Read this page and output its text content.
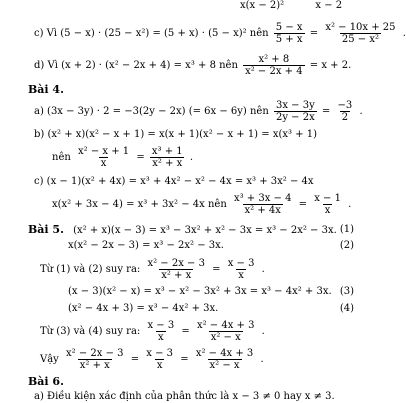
x(x − 2)²	x − 2
c) Vì (5 − x) · (25 − x²) = (5 + x) · (5 − x)² nên $\frac{5 - x}{5 + x} = \frac{\text{x² − 10x + 25}}{\text{25 − x²}}$ .
d) Vì (x + 2) · (x² − 2x + 4) = x³ + 8 nên $\frac{\text{x² + 8}}{\text{x² − 2x + 4}} = x + 2$.
Bài 4.
a) (3x − 3y) · 2 = −3(2y − 2x) (= 6x − 6y) nên $\frac{3x - 3y}{2y - 2x} = \frac{-3}{2}$ .
b) (x² + x)(x² − x + 1) = x(x + 1)(x² − x + 1) = x(x³ + 1)
nên $\frac{\text{x² − x + 1}}{x} = \frac{\text{x³ + 1}}{\text{x² + x}}$ .
c) (x − 1)(x² + 4x) = x³ + 4x² − x² − 4x = x³ + 3x² − 4x
x(x² + 3x − 4) = x³ + 3x² − 4x nên $\frac{\text{x³ + 3x − 4}}{\text{x² + 4x}} = \frac{x - 1}{x}$ .
Bài 5. (x² + x)(x − 3) = x³ − 3x² + x² − 3x = x³ − 2x² − 3x. (1)
x(x² − 2x − 3) = x³ − 2x² − 3x.	(2)
Từ (1) và (2) suy ra: $\frac{\text{x² − 2x − 3}}{\text{x² + x}} = \frac{x - 3}{x}$ .
(x − 3)(x² − x) = x³ − x² − 3x² + 3x = x³ − 4x² + 3x. (3)
(x² − 4x + 3) = x³ − 4x² + 3x.	(4)
Từ (3) và (4) suy ra: $\frac{x - 3}{x} = \frac{\text{x² − 4x + 3}}{\text{x² − x}}$ .
Vậy $\frac{\text{x² − 2x − 3}}{\text{x² + x}} = \frac{x - 3}{x} = \frac{\text{x² − 4x + 3}}{\text{x² − x}}$ .
Bài 6.
a) Điều kiện xác định của phân thức là x − 3 ≠ 0 hay x ≠ 3.
